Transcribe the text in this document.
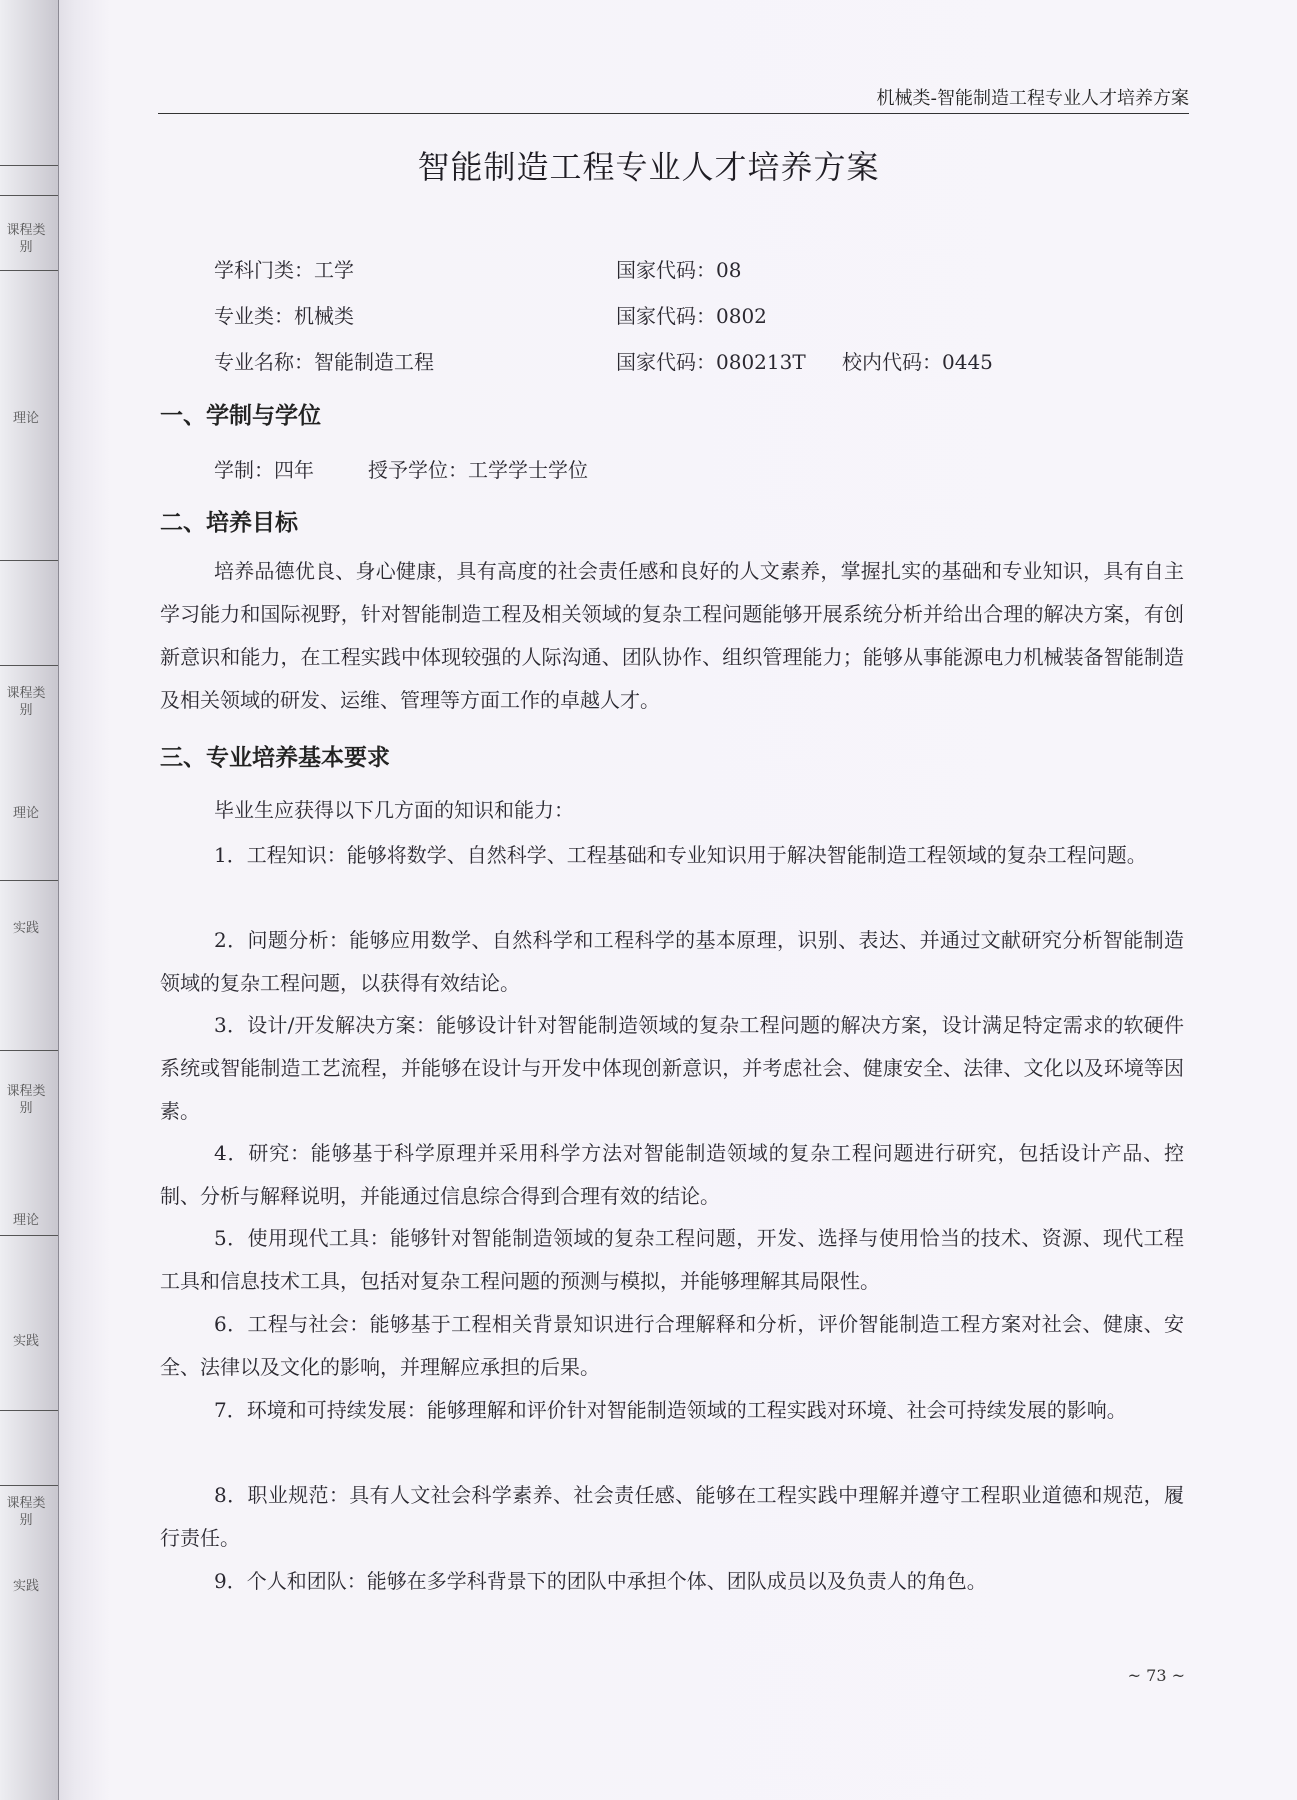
课程类别
理论
课程类别
理论
实践
课程类别
理论
实践
课程类别
实践
机械类-智能制造工程专业人才培养方案
智能制造工程专业人才培养方案
学科门类：工学	国家代码：08
专业类：机械类	国家代码：0802
专业名称：智能制造工程	国家代码：080213T 校内代码：0445
一、学制与学位
学制：四年	授予学位：工学学士学位
二、培养目标
培养品德优良、身心健康，具有高度的社会责任感和良好的人文素养，掌握扎实的基础和专业知识，具有自主学习能力和国际视野，针对智能制造工程及相关领域的复杂工程问题能够开展系统分析并给出合理的解决方案，有创新意识和能力，在工程实践中体现较强的人际沟通、团队协作、组织管理能力；能够从事能源电力机械装备智能制造及相关领域的研发、运维、管理等方面工作的卓越人才。
三、专业培养基本要求
毕业生应获得以下几方面的知识和能力：
1．工程知识：能够将数学、自然科学、工程基础和专业知识用于解决智能制造工程领域的复杂工程问题。
2．问题分析：能够应用数学、自然科学和工程科学的基本原理，识别、表达、并通过文献研究分析智能制造领域的复杂工程问题，以获得有效结论。
3．设计/开发解决方案：能够设计针对智能制造领域的复杂工程问题的解决方案，设计满足特定需求的软硬件系统或智能制造工艺流程，并能够在设计与开发中体现创新意识，并考虑社会、健康安全、法律、文化以及环境等因素。
4．研究：能够基于科学原理并采用科学方法对智能制造领域的复杂工程问题进行研究，包括设计产品、控制、分析与解释说明，并能通过信息综合得到合理有效的结论。
5．使用现代工具：能够针对智能制造领域的复杂工程问题，开发、选择与使用恰当的技术、资源、现代工程工具和信息技术工具，包括对复杂工程问题的预测与模拟，并能够理解其局限性。
6．工程与社会：能够基于工程相关背景知识进行合理解释和分析，评价智能制造工程方案对社会、健康、安全、法律以及文化的影响，并理解应承担的后果。
7．环境和可持续发展：能够理解和评价针对智能制造领域的工程实践对环境、社会可持续发展的影响。
8．职业规范：具有人文社会科学素养、社会责任感、能够在工程实践中理解并遵守工程职业道德和规范，履行责任。
9．个人和团队：能够在多学科背景下的团队中承担个体、团队成员以及负责人的角色。
~ 73 ~
